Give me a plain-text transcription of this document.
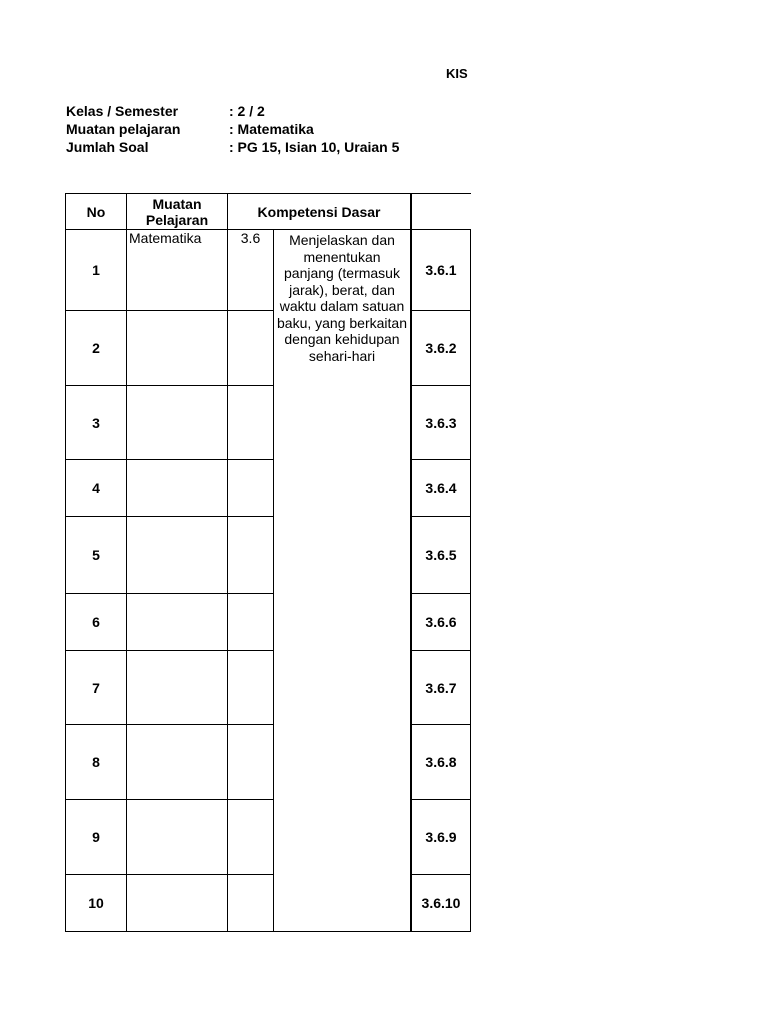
KIS
Kelas / Semester	: 2 / 2
Muatan pelajaran	: Matematika
Jumlah Soal	: PG 15, Isian 10, Uraian 5
No	Muatan Pelajaran	Kompetensi Dasar		
1	Matematika	3.6	Menjelaskan dan menentukan panjang (termasuk jarak), berat, dan waktu dalam satuan baku, yang berkaitan dengan kehidupan sehari-hari		3.6.1
2				3.6.2
3				3.6.3
4				3.6.4
5				3.6.5
6				3.6.6
7				3.6.7
8				3.6.8
9				3.6.9
10				3.6.10
